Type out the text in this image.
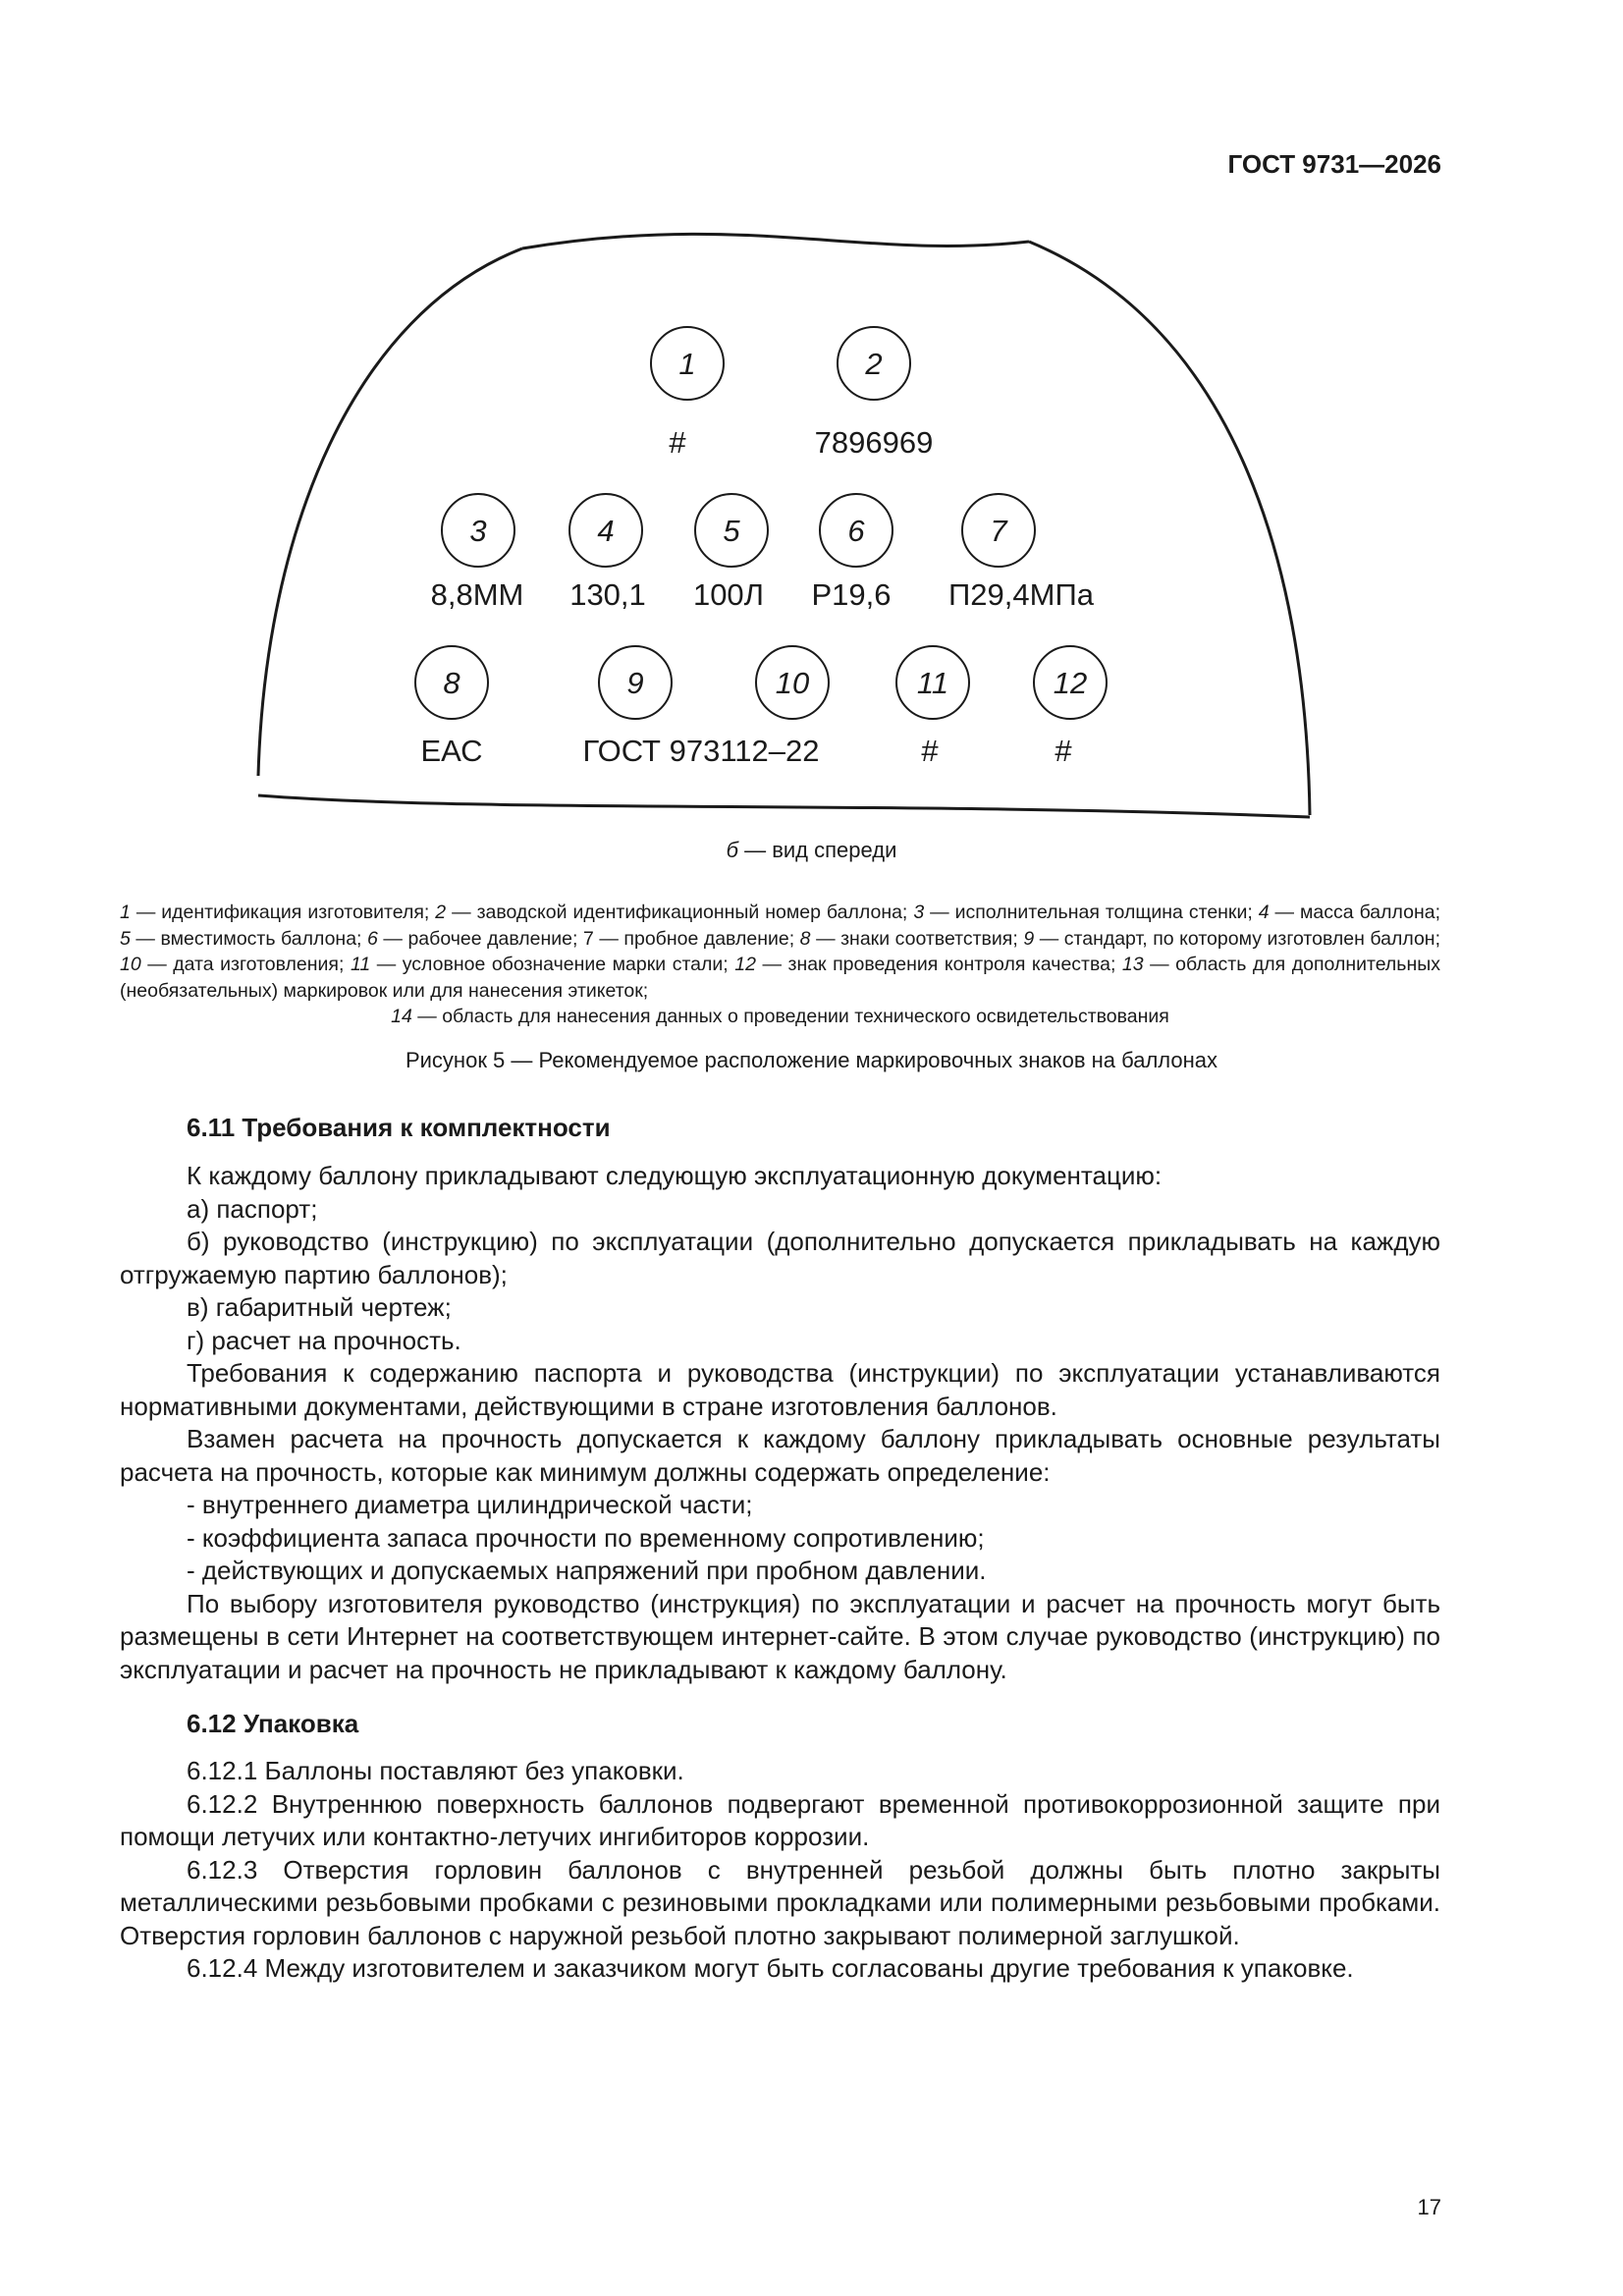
ГОСТ 9731—2026
1	2
3	4	5	6	7
8	9	10	11	12
#	7896969
8,8ММ 130,1 100Л Р19,6 П29,4МПа
ЕАС	ГОСТ 973112–22	#	#
б — вид спереди
1 — идентификация изготовителя; 2 — заводской идентификационный номер баллона; 3 — исполнительная толщина стенки; 4 — масса баллона; 5 — вместимость баллона; 6 — рабочее давление; 7 — пробное давление; 8 — знаки соответствия; 9 — стандарт, по которому изготовлен баллон; 10 — дата изготовления; 11 — условное обозначение марки стали; 12 — знак проведения контроля качества; 13 — область для дополнительных (необязательных) маркировок или для нанесения этикеток;
14 — область для нанесения данных о проведении технического освидетельствования
Рисунок 5 — Рекомендуемое расположение маркировочных знаков на баллонах
6.11 Требования к комплектности

К каждому баллону прикладывают следующую эксплуатационную документацию:

а) паспорт;

б) руководство (инструкцию) по эксплуатации (дополнительно допускается прикладывать на каждую отгружаемую партию баллонов);

в) габаритный чертеж;

г) расчет на прочность.

Требования к содержанию паспорта и руководства (инструкции) по эксплуатации устанавливаются нормативными документами, действующими в стране изготовления баллонов.

Взамен расчета на прочность допускается к каждому баллону прикладывать основные результаты расчета на прочность, которые как минимум должны содержать определение:

- внутреннего диаметра цилиндрической части;

- коэффициента запаса прочности по временному сопротивлению;

- действующих и допускаемых напряжений при пробном давлении.

По выбору изготовителя руководство (инструкция) по эксплуатации и расчет на прочность могут быть размещены в сети Интернет на соответствующем интернет-сайте. В этом случае руководство (инструкцию) по эксплуатации и расчет на прочность не прикладывают к каждому баллону.

6.12 Упаковка

6.12.1 Баллоны поставляют без упаковки.

6.12.2 Внутреннюю поверхность баллонов подвергают временной противокоррозионной защите при помощи летучих или контактно-летучих ингибиторов коррозии.

6.12.3 Отверстия горловин баллонов с внутренней резьбой должны быть плотно закрыты металлическими резьбовыми пробками с резиновыми прокладками или полимерными резьбовыми пробками. Отверстия горловин баллонов с наружной резьбой плотно закрывают полимерной заглушкой.

6.12.4 Между изготовителем и заказчиком могут быть согласованы другие требования к упаковке.

17
